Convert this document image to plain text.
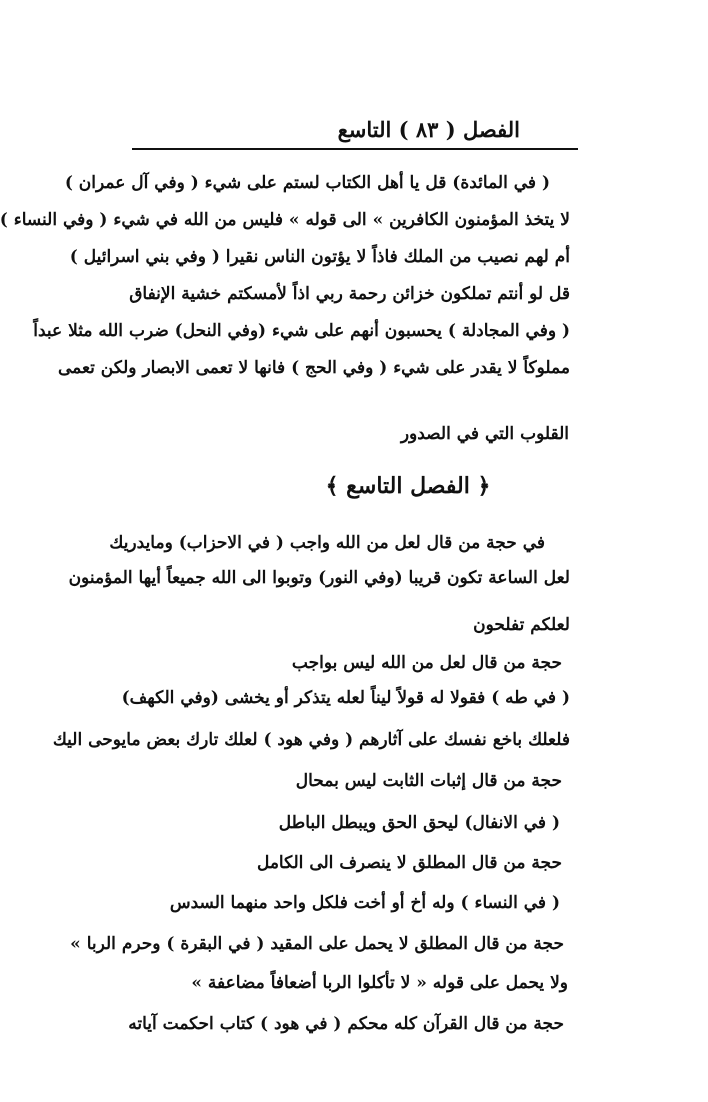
الفصل ( ٨٣ ) التاسع
( في المائدة) قل يا أهل الكتاب لستم على شيء ( وفي آل عمران )
لا يتخذ المؤمنون الكافرين » الى قوله » فليس من الله في شيء ( وفي النساء )
أم لهم نصيب من الملك فاذاً لا يؤتون الناس نقيرا ( وفي بني اسرائيل )
قل لو أنتم تملكون خزائن رحمة ربي اذاً لأمسكتم خشية الإنفاق
( وفي المجادلة ) يحسبون أنهم على شيء (وفي النحل) ضرب الله مثلا عبداً
مملوكاً لا يقدر على شيء ( وفي الحج ) فانها لا تعمى الابصار ولكن تعمى
القلوب التي في الصدور
﴿ الفصل التاسع ﴾
في حجة من قال لعل من الله واجب ( في الاحزاب) ومايدريك
لعل الساعة تكون قريبا (وفي النور) وتوبوا الى الله جميعاً أيها المؤمنون
لعلكم تفلحون
حجة من قال لعل من الله ليس بواجب
( في طه ) فقولا له قولاً ليناً لعله يتذكر أو يخشى (وفي الكهف)
فلعلك باخع نفسك على آثارهم ( وفي هود ) لعلك تارك بعض مايوحى اليك
حجة من قال إثبات الثابت ليس بمحال
( في الانفال) ليحق الحق ويبطل الباطل
حجة من قال المطلق لا ينصرف الى الكامل
( في النساء ) وله أخ أو أخت فلكل واحد منهما السدس
حجة من قال المطلق لا يحمل على المقيد ( في البقرة ) وحرم الربا »
ولا يحمل على قوله « لا تأكلوا الربا أضعافاً مضاعفة »
حجة من قال القرآن كله محكم ( في هود ) كتاب احكمت آياته
